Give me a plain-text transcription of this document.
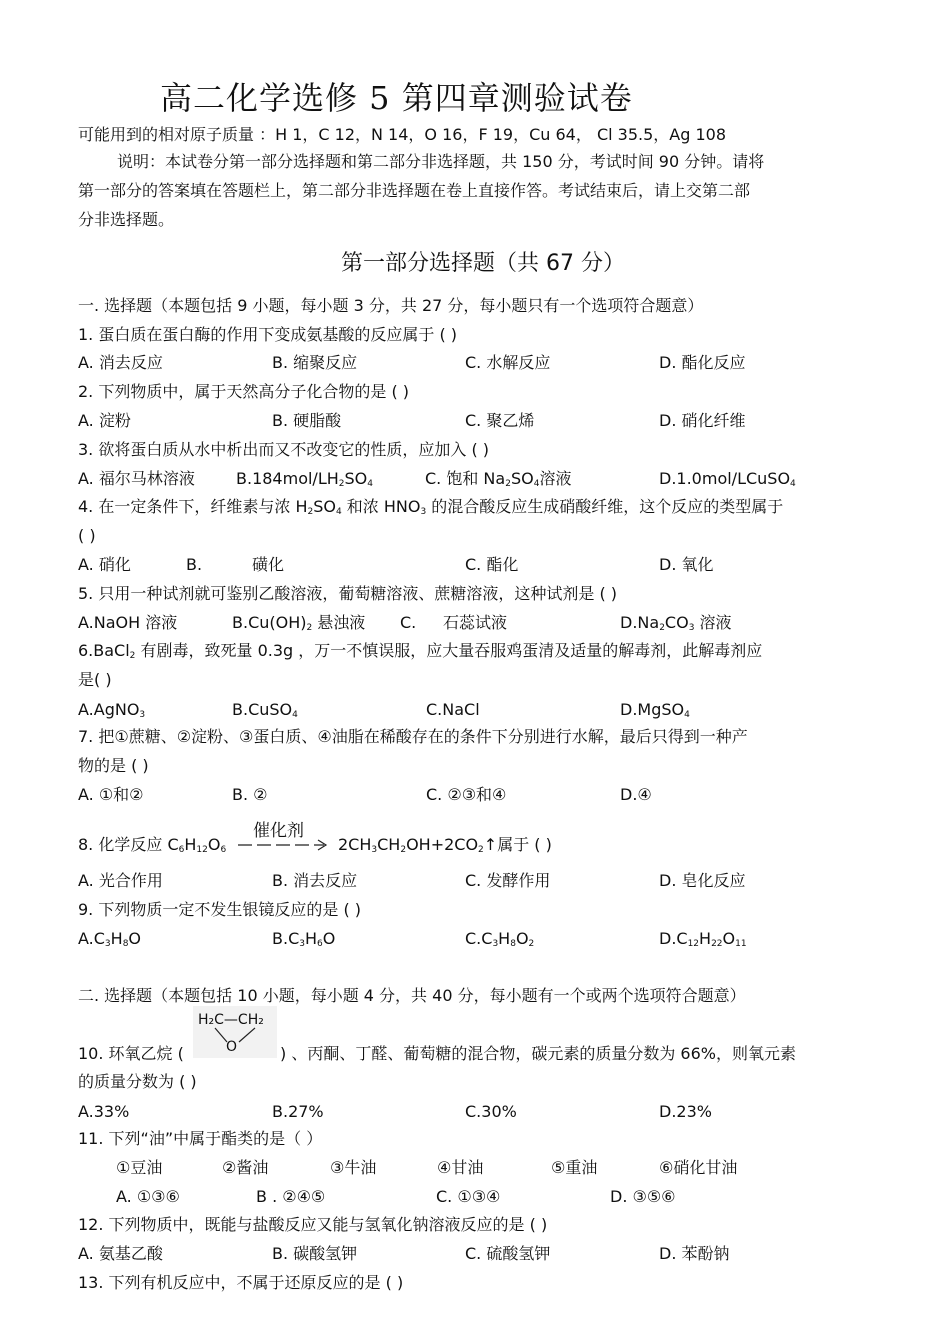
高二化学选修 5 第四章测验试卷
可能用到的相对原子质量 ：H 1，C 12，N 14，O 16，F 19，Cu 64， Cl 35.5，Ag 108
说明：本试卷分第一部分选择题和第二部分非选择题，共 150 分，考试时间 90 分钟。请将
第一部分的答案填在答题栏上，第二部分非选择题在卷上直接作答。考试结束后，请上交第二部
分非选择题。
第一部分选择题（共 67 分）
一. 选择题（本题包括 9 小题，每小题 3 分，共 27 分，每小题只有一个选项符合题意）
1. 蛋白质在蛋白酶的作用下变成氨基酸的反应属于 ( )
A. 消去反应	B. 缩聚反应	C. 水解反应	D. 酯化反应
2. 下列物质中，属于天然高分子化合物的是 ( )
A. 淀粉	B. 硬脂酸	C. 聚乙烯	D. 硝化纤维
3. 欲将蛋白质从水中析出而又不改变它的性质，应加入 ( )
A. 福尔马林溶液	$B.184mol/LH_2SO_4$	C. 饱和 $Na_2SO_4$溶液	D.1.0mol/LCuSO$_4$
4. 在一定条件下，纤维素与浓 $H_2SO_4$ 和浓 $HNO_3$ 的混合酸反应生成硝酸纤维，这个反应的类型属于
( )
A. 硝化	B.	磺化	C. 酯化	D. 氧化
5. 只用一种试剂就可鉴别乙酸溶液，葡萄糖溶液、蔗糖溶液，这种试剂是 ( )
A.NaOH 溶液	$B.Cu(OH)_2$ 悬浊液 C. 石蕊试液	$D.Na_2CO_3$ 溶液
6.BaCl$_2$ 有剧毒，致死量 0.3g ，万一不慎误服，应大量吞服鸡蛋清及适量的解毒剂，此解毒剂应
是( )
A.AgNO$_3$	B.CuSO$_4$	C.NaCl	D.MgSO$_4$
7. 把①蔗糖、②淀粉、③蛋白质、④油脂在稀酸存在的条件下分别进行水解，最后只得到一种产
物的是 ( )
A. ①和②	B. ②	C. ②③和④	D.④
催化剂
8. 化学反应 $C_6H_{12}O_6$	$2CH_3CH_2OH+2CO_2↑$属于 ( )
A. 光合作用	B. 消去反应	C. 发酵作用	D. 皂化反应
9. 下列物质一定不发生银镜反应的是 ( )
$A.C_3H_8O$	$B.C_3H_6O$	$C.C_3H_8O_2$	$D.C_{12}H_{22}O_{11}$
二. 选择题（本题包括 10 小题，每小题 4 分，共 40 分，每小题有一个或两个选项符合题意）
H₂C—CH₂
O
10. 环氧乙烷 (	) 、丙酮、丁醛、葡萄糖的混合物，碳元素的质量分数为 66%，则氧元素
的质量分数为 ( )
A.33%	B.27%	C.30%	D.23%
11. 下列“油”中属于酯类的是（ ）
①豆油	②酱油	③牛油	④甘油	⑤重油	⑥硝化甘油
A. ①③⑥	B . ②④⑤	C. ①③④	D. ③⑤⑥
12. 下列物质中，既能与盐酸反应又能与氢氧化钠溶液反应的是 ( )
A. 氨基乙酸	B. 碳酸氢钾	C. 硫酸氢钾	D. 苯酚钠
13. 下列有机反应中，不属于还原反应的是 ( )
